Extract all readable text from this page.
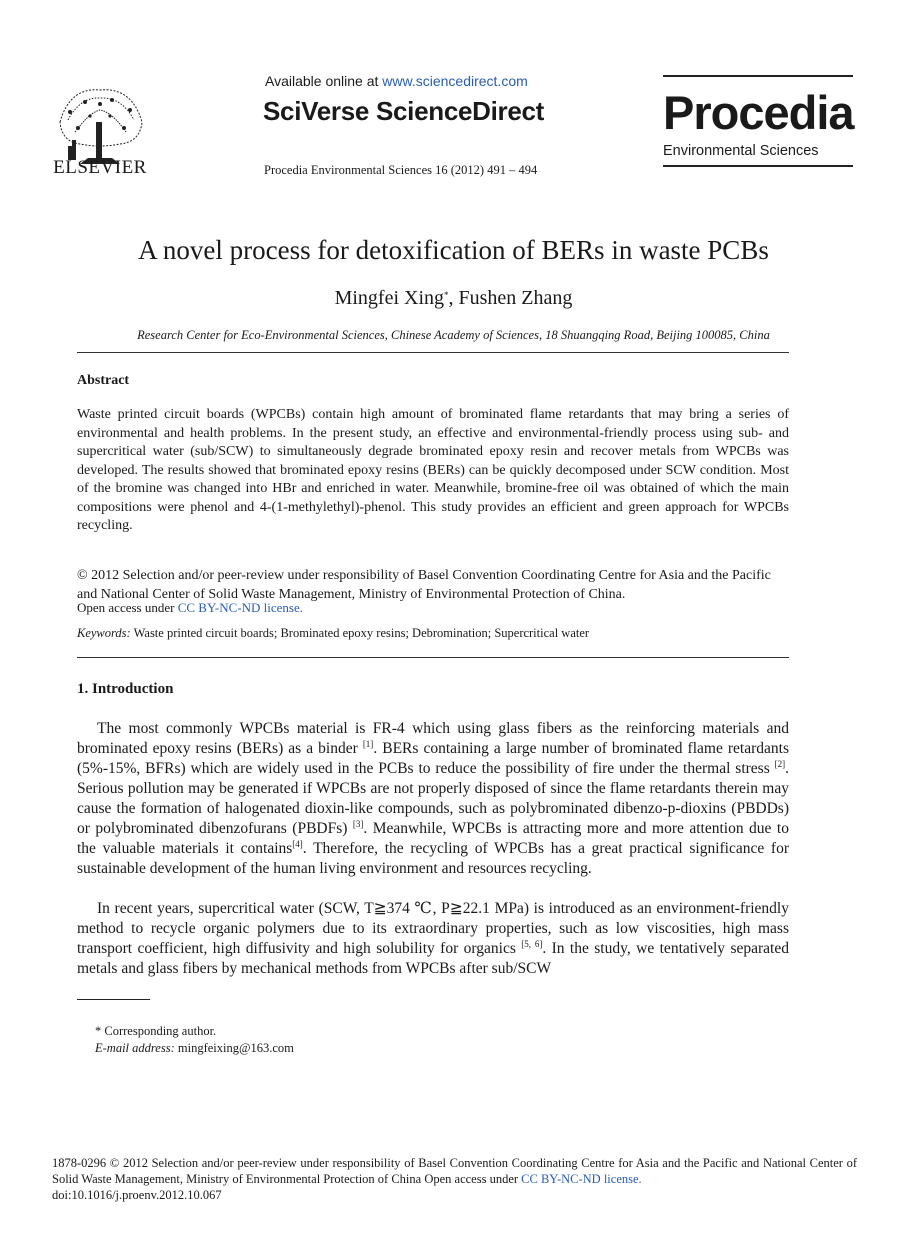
ELSEVIER
Available online at www.sciencedirect.com
SciVerse ScienceDirect
Procedia Environmental Sciences 16 (2012) 491 – 494
Procedia
Environmental Sciences
A novel process for detoxification of BERs in waste PCBs
Mingfei Xing*, Fushen Zhang
Research Center for Eco-Environmental Sciences, Chinese Academy of Sciences, 18 Shuangqing Road, Beijing 100085, China
Abstract
Waste printed circuit boards (WPCBs) contain high amount of brominated flame retardants that may bring a series of environmental and health problems. In the present study, an effective and environmental-friendly process using sub- and supercritical water (sub/SCW) to simultaneously degrade brominated epoxy resin and recover metals from WPCBs was developed. The results showed that brominated epoxy resins (BERs) can be quickly decomposed under SCW condition. Most of the bromine was changed into HBr and enriched in water. Meanwhile, bromine-free oil was obtained of which the main compositions were phenol and 4-(1-methylethyl)-phenol. This study provides an efficient and green approach for WPCBs recycling.
© 2012 Selection and/or peer-review under responsibility of Basel Convention Coordinating Centre for Asia and the Pacific and National Center of Solid Waste Management, Ministry of Environmental Protection of China.
Open access under CC BY-NC-ND license.
Keywords: Waste printed circuit boards; Brominated epoxy resins; Debromination; Supercritical water
1. Introduction
The most commonly WPCBs material is FR-4 which using glass fibers as the reinforcing materials and brominated epoxy resins (BERs) as a binder [1]. BERs containing a large number of brominated flame retardants (5%-15%, BFRs) which are widely used in the PCBs to reduce the possibility of fire under the thermal stress [2]. Serious pollution may be generated if WPCBs are not properly disposed of since the flame retardants therein may cause the formation of halogenated dioxin-like compounds, such as polybrominated dibenzo-p-dioxins (PBDDs) or polybrominated dibenzofurans (PBDFs) [3]. Meanwhile, WPCBs is attracting more and more attention due to the valuable materials it contains[4]. Therefore, the recycling of WPCBs has a great practical significance for sustainable development of the human living environment and resources recycling.
In recent years, supercritical water (SCW, T≧374 ℃, P≧22.1 MPa) is introduced as an environment-friendly method to recycle organic polymers due to its extraordinary properties, such as low viscosities, high mass transport coefficient, high diffusivity and high solubility for organics [5, 6]. In the study, we tentatively separated metals and glass fibers by mechanical methods from WPCBs after sub/SCW
* Corresponding author.
E-mail address: mingfeixing@163.com
1878-0296 © 2012 Selection and/or peer-review under responsibility of Basel Convention Coordinating Centre for Asia and the Pacific and National Center of Solid Waste Management, Ministry of Environmental Protection of China Open access under CC BY-NC-ND license.
doi:10.1016/j.proenv.2012.10.067
